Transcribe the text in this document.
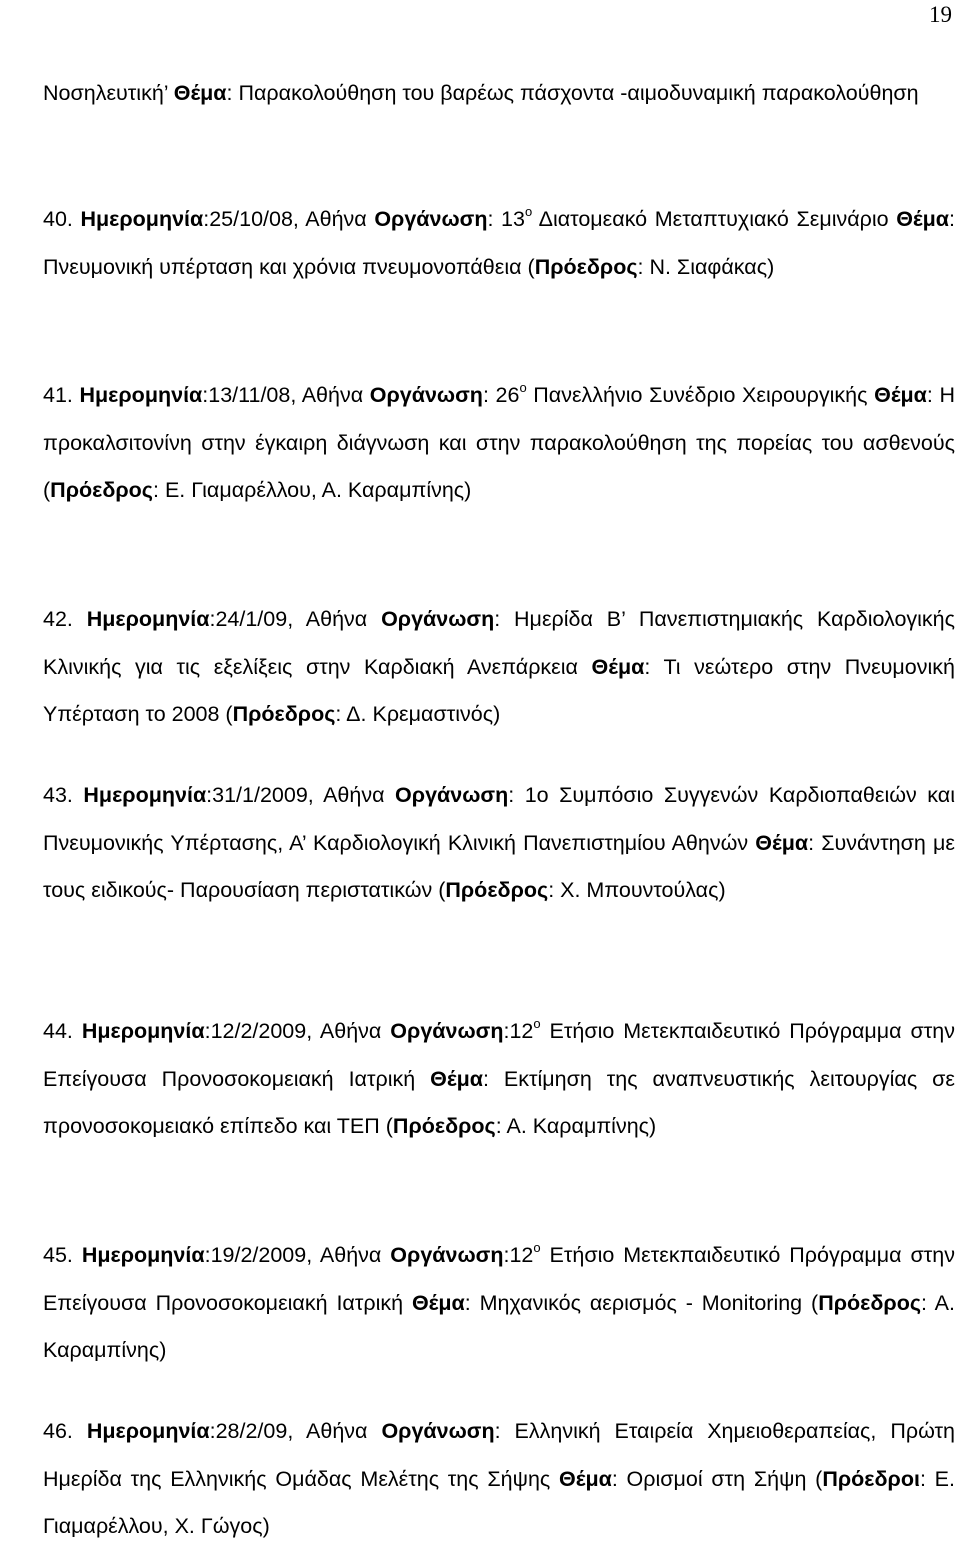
19

Νοσηλευτική’ Θέμα: Παρακολούθηση του βαρέως πάσχοντα -αιμοδυναμική παρακολούθηση

40. Ημερομηνία:25/10/08, Αθήνα Οργάνωση: $13^o$ Διατομεακό Μεταπτυχιακό Σεμινάριο Θέμα: Πνευμονική υπέρταση και χρόνια πνευμονοπάθεια (Πρόεδρος: Ν. Σιαφάκας)

41. Ημερομηνία:13/11/08, Αθήνα Οργάνωση: $26^o$ Πανελλήνιο Συνέδριο Χειρουργικής Θέμα: Η προκαλσιτονίνη στην έγκαιρη διάγνωση και στην παρακολούθηση της πορείας του ασθενούς (Πρόεδρος: Ε. Γιαμαρέλλου, Α. Καραμπίνης)

42. Ημερομηνία:24/1/09, Αθήνα Οργάνωση: Ημερίδα Β’ Πανεπιστημιακής Καρδιολογικής Κλινικής για τις εξελίξεις στην Καρδιακή Ανεπάρκεια Θέμα: Τι νεώτερο στην Πνευμονική Υπέρταση το 2008 (Πρόεδρος: Δ. Κρεμαστινός)

43. Ημερομηνία:31/1/2009, Αθήνα Οργάνωση: 1ο Συμπόσιο Συγγενών Καρδιοπαθειών και Πνευμονικής Υπέρτασης, Α’ Καρδιολογική Κλινική Πανεπιστημίου Αθηνών Θέμα: Συνάντηση με τους ειδικούς- Παρουσίαση περιστατικών (Πρόεδρος: Χ. Μπουντούλας)

44. Ημερομηνία:12/2/2009, Αθήνα $O\rho\gamma ά\nu\omega\sigma\eta:12^o$ Ετήσιο Μετεκπαιδευτικό Πρόγραμμα στην Επείγουσα Προνοσοκομειακή Ιατρική Θέμα: Εκτίμηση της αναπνευστικής λειτουργίας σε προνοσοκομειακό επίπεδο και ΤΕΠ (Πρόεδρος: Α. Καραμπίνης)

45. Ημερομηνία:19/2/2009, Αθήνα $O\rho\gamma ά\nu\omega\sigma\eta:12^o$ Ετήσιο Μετεκπαιδευτικό Πρόγραμμα στην Επείγουσα Προνοσοκομειακή Ιατρική Θέμα: Μηχανικός αερισμός - Monitoring (Πρόεδρος: Α. Καραμπίνης)

46. Ημερομηνία:28/2/09, Αθήνα Οργάνωση: Ελληνική Εταιρεία Χημειοθεραπείας, Πρώτη Ημερίδα της Ελληνικής Ομάδας Μελέτης της Σήψης Θέμα: Ορισμοί στη Σήψη (Πρόεδροι: Ε. Γιαμαρέλλου, Χ. Γώγος)
